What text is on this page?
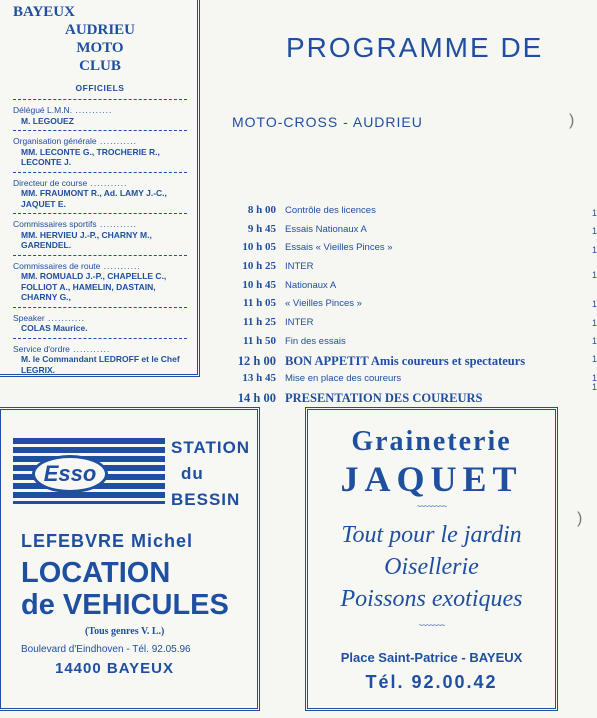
BAYEUX
AUDRIEU
MOTO
CLUB
OFFICIELS
Délégué L.M.N. .....
M. LEGOUEZ
Organisation générale .....
MM. LECONTE G., TROCHERIE R., LECONTE J.
Directeur de course .....
MM. FRAUMONT R., Ad. LAMY J.-C., JAQUET E.
Commissaires sportifs .....
MM. HERVIEU J.-P., CHARNY M., GARENDEL.
Commissaires de route .....
MM. ROMUALD J.-P., CHAPELLE C., FOLLIOT A., HAMELIN, DASTAIN, CHARNY G.,
Speaker .....
COLAS Maurice.
Service d'ordre .....
M. le Commandant LEDROFF et le Chef LEGRIX.
PROGRAMME DE
MOTO-CROSS - AUDRIEU	)
)
8 h 00 Contrôle des licences
9 h 45 Essais Nationaux A
10 h 05 Essais « Vieilles Pinces »
10 h 25 INTER
10 h 45 Nationaux A
11 h 05 « Vieilles Pinces »
11 h 25 INTER
11 h 50 Fin des essais
12 h 00 BON APPETIT Amis coureurs et spectateurs
13 h 45 Mise en place des coureurs
14 h 00 PRESENTATION DES COUREURS
1
1
1
1
1
1
1
1
1
1
Esso
STATION
du
BESSIN
LEFEBVRE Michel
LOCATION
de VEHICULES
(Tous genres V. L.)
Boulevard d'Eindhoven - Tél. 92.05.96
14400 BAYEUX
Graineterie
JAQUET
~~~~~~~~
Tout pour le jardin
Oisellerie
Poissons exotiques
~~~~~~~
Place Saint-Patrice - BAYEUX
Tél. 92.00.42
